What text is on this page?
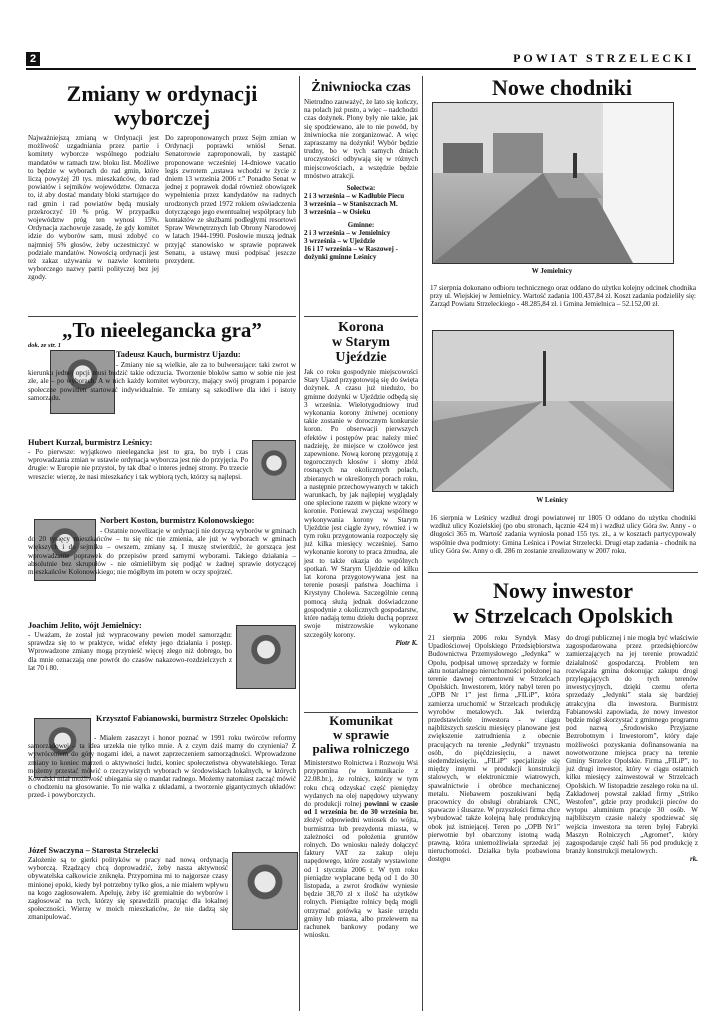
2	POWIAT STRZELECKI
Zmiany w ordynacji
wyborczej
Najważniejszą zmianą w Ordynacji jest możliwość uzgadniania przez partie i komitety wyborcze wspólnego podziału mandatów w ramach tzw. bloku list. Możliwe to będzie w wyborach do rad gmin, które liczą powyżej 20 tys. mieszkańców, do rad powiatów i sejmików województw. Oznacza to, iż aby dostać mandaty bloki startujące do rad gmin i rad powiatów będą musiały przekroczyć 10 % próg. W przypadku województw próg ten wynosi 15%. Ordynacja zachowuje zasadę, że gdy komitet idzie do wyborów sam, musi zdobyć co najmniej 5% głosów, żeby uczestniczyć w podziale mandatów. Nowością ordynacji jest też zakaz używania w nazwie komitetu wyborczego nazwy partii polityczej bez jej zgody.
Do zaproponowanych przez Sejm zmian w Ordynacji poprawki wniósł Senat. Senatorowie zaproponowali, by zastąpić proponowane wcześniej 14-dniowe vacatio legis zwrotem „ustawa wchodzi w życie z dniem 13 września 2006 r.” Ponadto Senat w jednej z poprawek dodał również obowiązek wypełnienia przez kandydatów na radnych urodzonych przed 1972 rokiem oświadczenia dotyczącego jego ewentualnej współpracy lub kontaktów ze służbami podległymi resortowi Spraw Wewnętrznych lub Obrony Narodowej w latach 1944-1990. Posłowie muszą jednak przyjąć stanowisko w sprawie poprawek Senatu, a ustawę musi podpisać jeszcze prezydent.
„To nieelegancka gra”
dok. ze str. 1
Tadeusz Kauch, burmistrz Ujazdu:
- Zmiany nie są wielkie, ale za to bulwersujące: taki zwrot w kierunku jednej opcji musi budzić takie odczucia. Tworzenie bloków samo w sobie nie jest złe, ale – po wyborach. A w nich każdy komitet wyborczy, mający swój program i poparcie społeczne powinien startować indywidualnie. Te zmiany są szkodliwe dla idei i istoty samorządu.
Hubert Kurzał, burmistrz Leśnicy:
- Po pierwsze: wyjątkowo nieelegancka jest to gra, bo tryb i czas wprowadzania zmian w ustawie ordynacja wyborcza jest nie do przyjęcia. Po drugie: w Europie nie przystoi, by tak dbać o interes jednej strony. Po trzecie wreszcie: wierzę, że nasi mieszkańcy i tak wybiorą tych, którzy są najlepsi.
Norbert Koston, burmistrz Kolonowskiego:
- Ostatnie nowelizacje w ordynacji nie dotyczą wyborów w gminach do 20 tysięcy mieszkańców – tu się nic nie zmienia, ale już w wyborach w gminach większych i do sejmiku – owszem, zmiany są. I muszę stwierdzić, że gorsząca jest wprowadzanie poprawek do przepisów przed samymi wyborami. Takiego działania – absolutnie bez skrupułów - nie ośmieliłbym się podjąć w żadnej sprawie dotyczącej mieszkańców Kolonowskiego; nie mógłbym im potem w oczy spojrzeć.
Joachim Jelito, wójt Jemielnicy:
- Uważam, że został już wypracowany pewien model samorządu: sprawdza się to w praktyce, widać efekty jego działania i postęp. Wprowadzone zmiany mogą przynieść więcej złego niż dobrego, bo dla mnie oznaczają one powrót do czasów nakazowo-rozdzielczych z lat 70 i 80.
Krzysztof Fabianowski, burmistrz Strzelec Opolskich:
- Miałem zaszczyt i honor poznać w 1991 roku twórców reformy samorządowej – ta idea urzekła nie tylko mnie. A z czym dziś mamy do czynienia? Z wywróceniem do góry nogami idei, a nawet zaprzeczeniem samorządności. Wprowadzone zmiany to koniec marzeń o aktywności ludzi, koniec społeczeństwa obywatelskiego. Teraz możemy przestać mówić o rzeczywistych wyborach w środowiskach lokalnych, w których Kowalski miał możliwość ubiegania się o mandat radnego. Możemy natomiast zacząć mówić o chodzeniu na głosowanie. To nie walka z układami, a tworzenie gigantycznych układów: przed- i powyborczych.
Józef Swaczyna – Starosta Strzelecki
Założenie są te gierki polityków w pracy nad nową ordynacją wyborczą. Rządzący chcą doprowadzić, żeby nasza aktywność obywatelska całkowicie zniknęła. Przypomina mi to najgorsze czasy minionej epoki, kiedy był potrzebny tylko głos, a nie miałem wpływu na kogo zagłosowałem. Apeluję, żeby iść gremialnie do wyborów i zagłosować na tych, którzy się sprawdzili pracując dla lokalnej społeczności. Wierzę w moich mieszkańców, że nie dadzą się zmanipulować.
Żniwniocka czas
Nietrudno zauważyć, że lato się kończy, na polach już pusto, a więc – nadchodzi czas dożynek. Plony były nie takie, jak się spodziewano, ale to nie powód, by żniwniocka nie zorganizować. A więc zapraszamy na dożynki! Wybór będzie trudny, bo w tych samych dniach uroczystości odbywają się w różnych miejscowościach, a wszędzie będzie mnóstwo atrakcji.
Sołectwa:
2 i 3 września – w Kadłubie Piecu
3 września – w Staniszczach M.
3 września – w Osieku
Gminne:
2 i 3 września – w Jemielnicy
3 września – w Ujeździe
16 i 17 września – w Raszowej - dożynki gminne Leśnicy
Korona
w Starym
Ujeździe
Jak co roku gospodynie miejscowości Stary Ujazd przygotowują się do święta dożynek. A czasu już niedużo, bo gminne dożynki w Ujeździe odbędą się 3 września. Wielotygodniowy trud wykonania korony żniwnej oceniony takie zostanie w dorocznym konkursie koron. Po obserwacji pierwszych efektów i postępów prac należy mieć nadzieję, że miejsce w czołówce jest zapewnione. Nową koronę przygotują z tegorocznych kłosów i słomy zbóż rosnących na okolicznych polach, zbieranych w określonych porach roku, a następnie przechowywanych w takich warunkach, by jak najlepiej wyglądały one splecione razem w piękne wzory w koronie. Ponieważ zwyczaj wspólnego wykonywania korony w Starym Ujeździe jest ciągle żywy, również i w tym roku przygotowania rozpoczęły się już kilka miesięcy wcześniej. Samo wykonanie korony to praca żmudna, ale jest to także okazja do wspólnych spotkań. W Starym Ujeździe od kilku lat korona przygotowywana jest na terenie posesji państwa Joachima i Krystyny Cholewa. Szczególnie cenną pomocą służą jednak doświadczone gospodynie z okolicznych gospodarstw, które nadają temu dziełu duchą poprzez swoje mistrzowskie wykonane szczegóły korony.
Piotr K.
Komunikat
w sprawie
paliwa rolniczego
Ministerstwo Rolnictwa i Rozwoju Wsi przypomina (w komunikacie z 22.08.br.), że rolnicy, którzy w tym roku chcą odzyskać część pieniędzy wydanych na olej napędowy używany do produkcji rolnej powinni w czasie od 1 września br. do 30 września br. złożyć odpowiedni wniosek do wójta, burmistrza lub prezydenta miasta, w zależności od położenia gruntów rolnych. Do wniosku należy dołączyć faktury VAT za zakup oleju napędowego, które zostały wystawione od 1 stycznia 2006 r. W tym roku pieniądze wypłacane będą od 1 do 30 listopada, a zwrot środków wyniesie będzie 38,70 zł x ilość ha użytków rolnych. Pieniądze rolnicy będą mogli otrzymać gotówką w kasie urzędu gminy lub miasta, albo przelewem na rachunek bankowy podany we wniosku.
Nowe chodniki
W Jemielnicy
17 sierpnia dokonano odbioru technicznego oraz oddano do użytku kolejny odcinek chodnika przy ul. Wiejskiej w Jemielnicy. Wartość zadania 100.437,84 zł. Koszt zadania podzieliły się: Zarząd Powiatu Strzeleckiego - 48.285,84 zł. i Gmina Jemielnica – 52.152,00 zł.
W Leśnicy
16 sierpnia w Leśnicy wzdłuż drogi powiatowej nr 1805 O oddano do użytku chodniki wzdłuż ulicy Kozielskiej (po obu stronach, łącznie 424 m) i wzdłuż ulicy Góra św. Anny - o długości 365 m. Wartość zadania wyniosła ponad 155 tys. zł., a w kosztach partycypowały wspólnie dwa podmioty: Gmina Leśnica i Powiat Strzelecki. Drugi etap zadania - chodnik na ulicy Góra św. Anny o dł. 286 m zostanie zrealizowany w 2007 roku.
Nowy inwestor
w Strzelcach Opolskich
21 sierpnia 2006 roku Syndyk Masy Upadłościowej Opolskiego Przedsiębiorstwa Budownictwa Przemysłowego „Jedynka” w Opolu, podpisał umowę sprzedaży w formie aktu notarialnego nieruchomości położonej na terenie dawnej cementowni w Strzelcach Opolskich. Inwestorem, który nabył teren po „OPB Nr 1” jest firma „FILiP”, która zamierza uruchomić w Strzelcach produkcję wyrobów metalowych. Jak twierdzą przedstawiciele inwestora - w ciągu najbliższych sześciu miesięcy planowane jest zwiększenie zatrudnienia z obecnie pracujących na terenie „Jedynki” trzynastu osób, do pięćdziesięciu, a nawet siedemdziesięciu. „FILiP” specjalizuje się między innymi w produkcji konstrukcji stalowych, w elektronicznie wiatrowych, spawalnictwie i obróbce mechanicznej metalu. Niebawem poszukiwani będą pracownicy do obsługi obrabiarek CNC, spawacze i ślusarze. W przyszłości firma chce wybudować także kolejną halę produkcyjną obok już istniejącej. Teren po „OPB Nr1” pierwotnie był obarczony istotną wadą prawną, która uniemożliwiała sprzedaż jej nieruchomości. Działka była pozbawiona dostępu
do drogi publicznej i nie mogła być właściwie zagospodarowana przez przedsiębiorców zamierzających na jej terenie prowadzić działalność gospodarczą. Problem ten rozwiązała gmina dokonując zakupu drogi przylegających do tych terenów inwestycyjnych, dzięki czemu oferta sprzedaży „Jedynki” stała się bardziej atrakcyjna dla inwestora. Burmistrz Fabianowski zapowiada, że nowy inwestor będzie mógł skorzystać z gminnego programu pod nazwą „Środowisko Przyjazne Bezrobotnym i Inwestorom”, który daje możliwości pozyskania dofinansowania na nowotworzone miejsca pracy na terenie Gminy Strzelce Opolskie. Firma „FILiP”, to już drugi inwestor, który w ciągu ostatnich kilku miesięcy zainwestował w Strzelcach Opolskich. W listopadzie zeszłego roku na ul. Zakładowej powstał zakład firmy „Striko Westofen”, gdzie przy produkcji pieców do wytopu aluminium pracuje 30 osób. W najbliższym czasie należy spodziewać się wejścia inwestora na teren byłej Fabryki Maszyn Rolniczych „Agromet”, który zagospodaruje część hali 56 pod produkcję z branży konstrukcji metalowych.
rk.
